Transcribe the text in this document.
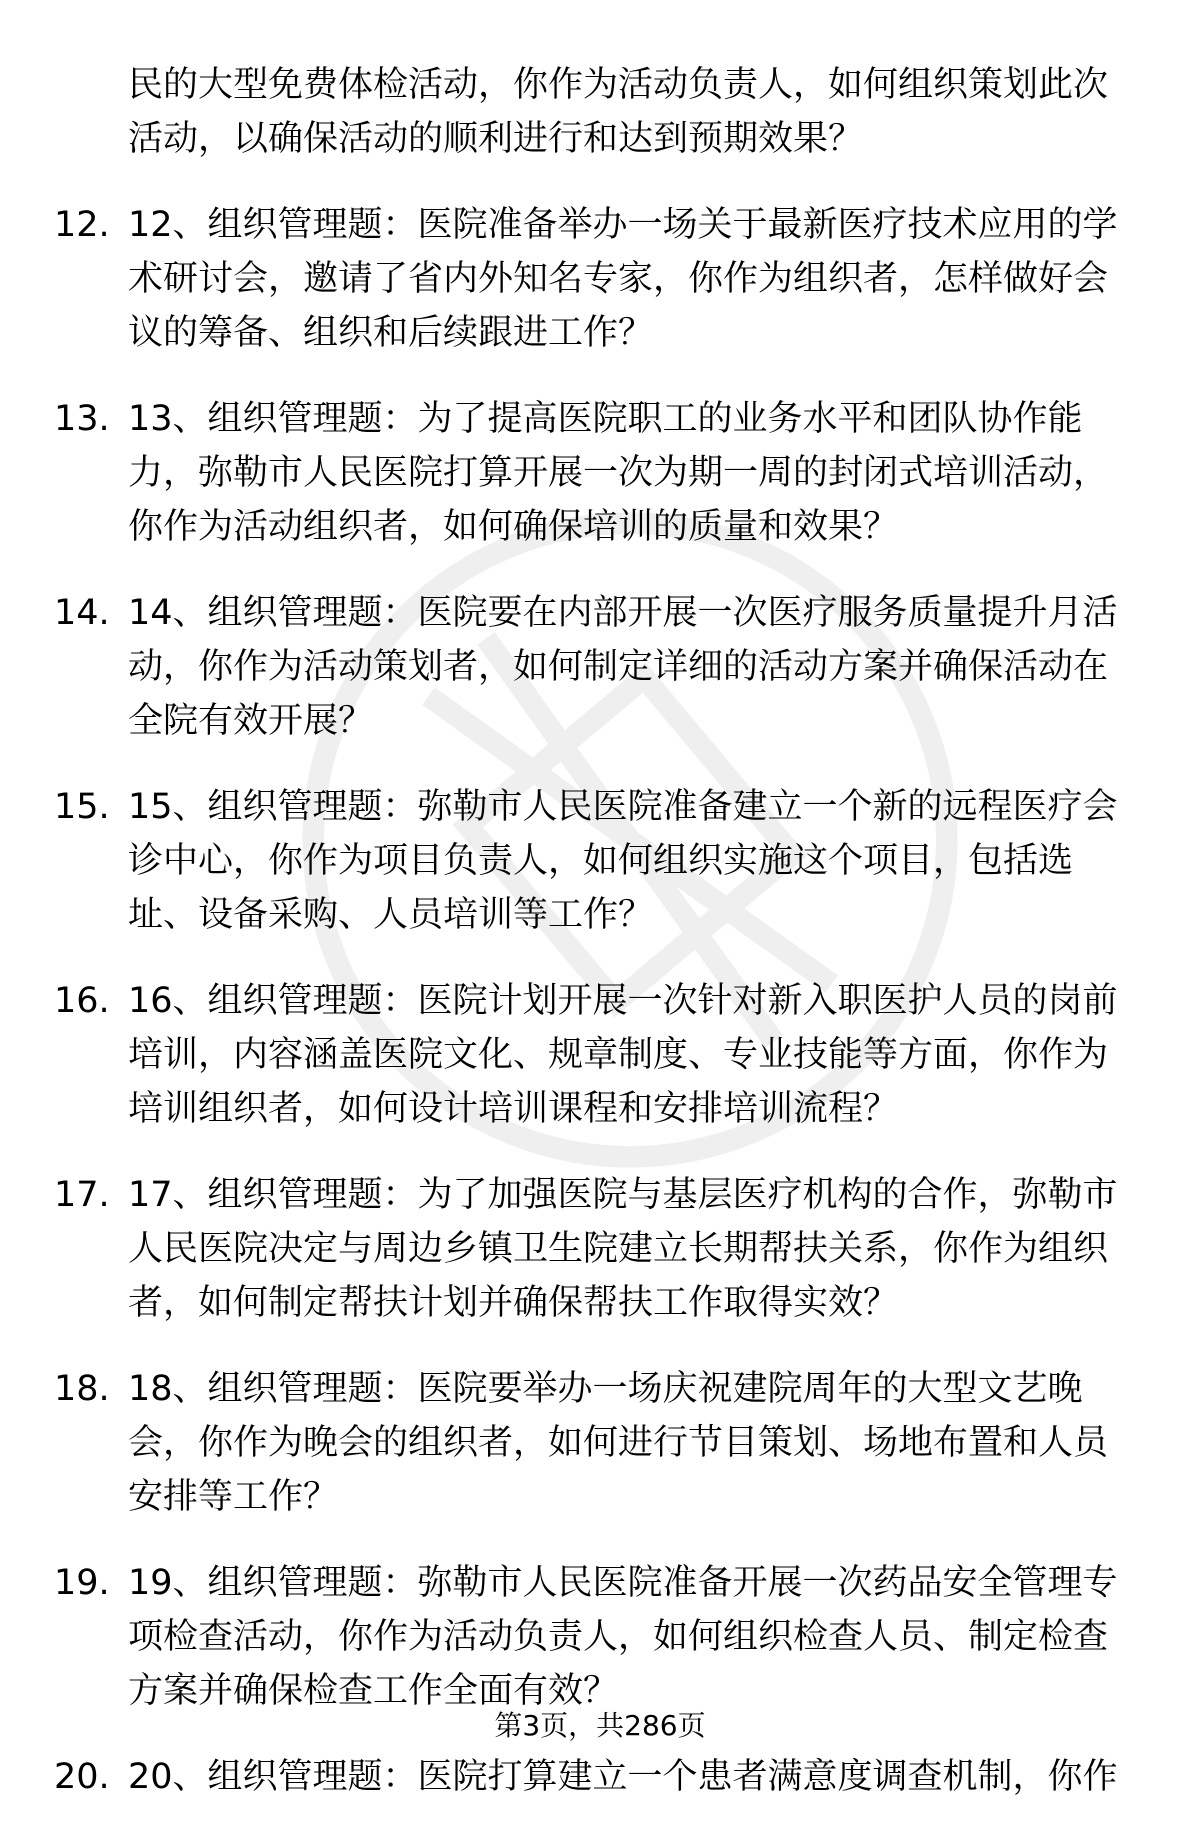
民的大型免费体检活动，你作为活动负责人，如何组织策划此次活动，以确保活动的顺利进行和达到预期效果？
12. 12、组织管理题：医院准备举办一场关于最新医疗技术应用的学术研讨会，邀请了省内外知名专家，你作为组织者，怎样做好会议的筹备、组织和后续跟进工作？
13. 13、组织管理题：为了提高医院职工的业务水平和团队协作能力，弥勒市人民医院打算开展一次为期一周的封闭式培训活动，你作为活动组织者，如何确保培训的质量和效果？
14. 14、组织管理题：医院要在内部开展一次医疗服务质量提升月活动，你作为活动策划者，如何制定详细的活动方案并确保活动在全院有效开展？
15. 15、组织管理题：弥勒市人民医院准备建立一个新的远程医疗会诊中心，你作为项目负责人，如何组织实施这个项目，包括选址、设备采购、人员培训等工作？
16. 16、组织管理题：医院计划开展一次针对新入职医护人员的岗前培训，内容涵盖医院文化、规章制度、专业技能等方面，你作为培训组织者，如何设计培训课程和安排培训流程？
17. 17、组织管理题：为了加强医院与基层医疗机构的合作，弥勒市人民医院决定与周边乡镇卫生院建立长期帮扶关系，你作为组织者，如何制定帮扶计划并确保帮扶工作取得实效？
18. 18、组织管理题：医院要举办一场庆祝建院周年的大型文艺晚会，你作为晚会的组织者，如何进行节目策划、场地布置和人员安排等工作？
19. 19、组织管理题：弥勒市人民医院准备开展一次药品安全管理专项检查活动，你作为活动负责人，如何组织检查人员、制定检查方案并确保检查工作全面有效？
20. 20、组织管理题：医院打算建立一个患者满意度调查机制，你作
第3页，共286页
